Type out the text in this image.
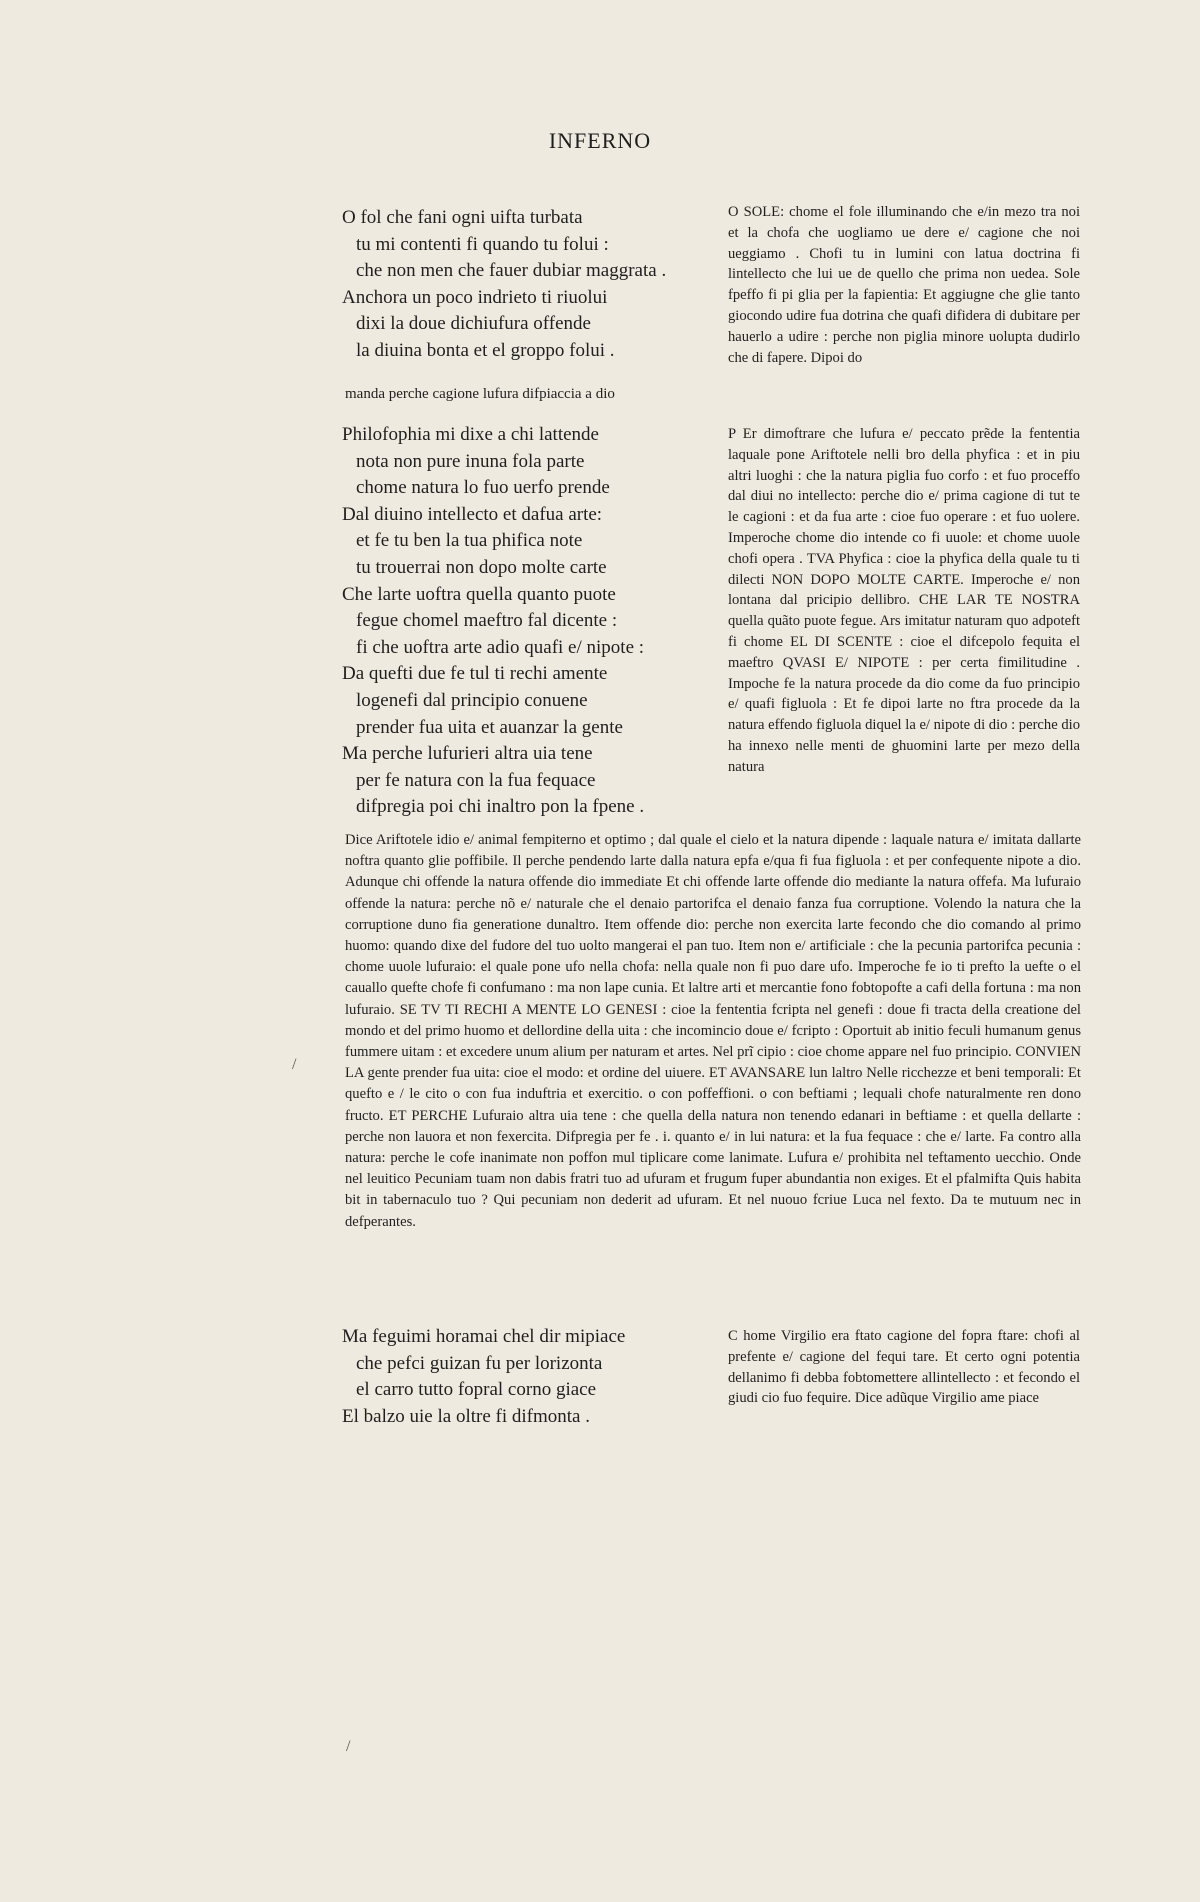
INFERNO
O fol che fani ogni uifta turbata
tu mi contenti fi quando tu folui :
che non men che fauer dubiar maggrata .
Anchora un poco indrieto ti riuolui
dixi la doue dichiufura offende
la diuina bonta et el groppo folui .

O SOLE: chome el fole illuminando che e/in mezo tra noi et la chofa che uogliamo ue dere e/ cagione che noi ueggiamo . Chofi tu in lumini con latua doctrina fi lintellecto che lui ue de quello che prima non uedea. Sole fpeffo fi pi glia per la fapientia: Et aggiugne che glie tanto giocondo udire fua dotrina che quafi difidera di dubitare per hauerlo a udire : perche non piglia minore uolupta dudirlo che di fapere. Dipoi do

manda perche cagione lufura difpiaccia a dio
Philofophia mi dixe a chi lattende
nota non pure inuna fola parte
chome natura lo fuo uerfo prende
Dal diuino intellecto et dafua arte:
et fe tu ben la tua phifica note
tu trouerrai non dopo molte carte
Che larte uoftra quella quanto puote
fegue chomel maeftro fal dicente :
fi che uoftra arte adio quafi e/ nipote :
Da quefti due fe tul ti rechi amente
logenefi dal principio conuene
prender fua uita et auanzar la gente
Ma perche lufurieri altra uia tene
per fe natura con la fua fequace
difpregia poi chi inaltro pon la fpene .

P Er dimoftrare che lufura e/ peccato prẽde la fententia laquale pone Ariftotele nelli bro della phyfica : et in piu altri luoghi : che la natura piglia fuo corfo : et fuo proceffo dal diui no intellecto: perche dio e/ prima cagione di tut te le cagioni : et da fua arte : cioe fuo operare : et fuo uolere. Imperoche chome dio intende co fi uuole: et chome uuole chofi opera . TVA Phyfica : cioe la phyfica della quale tu ti dilecti NON DOPO MOLTE CARTE. Imperoche e/ non lontana dal pricipio dellibro. CHE LAR TE NOSTRA quella quãto puote fegue. Ars imitatur naturam quo adpoteft fi chome EL DI SCENTE : cioe el difcepolo fequita el maeftro QVASI E/ NIPOTE : per certa fimilitudine . Impoche fe la natura procede da dio come da fuo principio e/ quafi figluola : Et fe dipoi larte no ftra procede da la natura effendo figluola diquel la e/ nipote di dio : perche dio ha innexo nelle menti de ghuomini larte per mezo della natura

Dice Ariftotele idio e/ animal fempiterno et optimo ; dal quale el cielo et la natura dipende : laquale natura e/ imitata dallarte noftra quanto glie poffibile. Il perche pendendo larte dalla natura epfa e/qua fi fua figluola : et per confequente nipote a dio. Adunque chi offende la natura offende dio immediate Et chi offende larte offende dio mediante la natura offefa. Ma lufuraio offende la natura: perche nõ e/ naturale che el denaio partorifca el denaio fanza fua corruptione. Volendo la natura che la corruptione duno fia generatione dunaltro. Item offende dio: perche non exercita larte fecondo che dio comando al primo huomo: quando dixe del fudore del tuo uolto mangerai el pan tuo. Item non e/ artificiale : che la pecunia partorifca pecunia : chome uuole lufuraio: el quale pone ufo nella chofa: nella quale non fi puo dare ufo. Imperoche fe io ti prefto la uefte o el cauallo quefte chofe fi confumano : ma non lape cunia. Et laltre arti et mercantie fono fobtopofte a cafi della fortuna : ma non lufuraio. SE TV TI RECHI A MENTE LO GENESI : cioe la fententia fcripta nel genefi : doue fi tracta della creatione del mondo et del primo huomo et dellordine della uita : che incomincio doue e/ fcripto : Oportuit ab initio feculi humanum genus fummere uitam : et excedere unum alium per naturam et artes. Nel prĩ cipio : cioe chome appare nel fuo principio. CONVIEN LA gente prender fua uita: cioe el modo: et ordine del uiuere. ET AVANSARE lun laltro Nelle ricchezze et beni temporali: Et quefto e / le cito o con fua induftria et exercitio. o con poffeffioni. o con beftiami ; lequali chofe naturalmente ren dono fructo. ET PERCHE Lufuraio altra uia tene : che quella della natura non tenendo edanari in beftiame : et quella dellarte : perche non lauora et non fexercita. Difpregia per fe . i. quanto e/ in lui natura: et la fua fequace : che e/ larte. Fa contro alla natura: perche le cofe inanimate non poffon mul tiplicare come lanimate. Lufura e/ prohibita nel teftamento uecchio. Onde nel leuitico Pecuniam tuam non dabis fratri tuo ad ufuram et frugum fuper abundantia non exiges. Et el pfalmifta Quis habita bit in tabernaculo tuo ? Qui pecuniam non dederit ad ufuram. Et nel nuouo fcriue Luca nel fexto. Da te mutuum nec in defperantes.

Ma feguimi horamai chel dir mipiace
che pefci guizan fu per lorizonta
el carro tutto fopral corno giace
El balzo uie la oltre fi difmonta .

C home Virgilio era ftato cagione del fopra ftare: chofi al prefente e/ cagione del fequi tare. Et certo ogni potentia dellanimo fi debba fobtomettere allintellecto : et fecondo el giudi cio fuo fequire. Dice adũque Virgilio ame piace

/
/
